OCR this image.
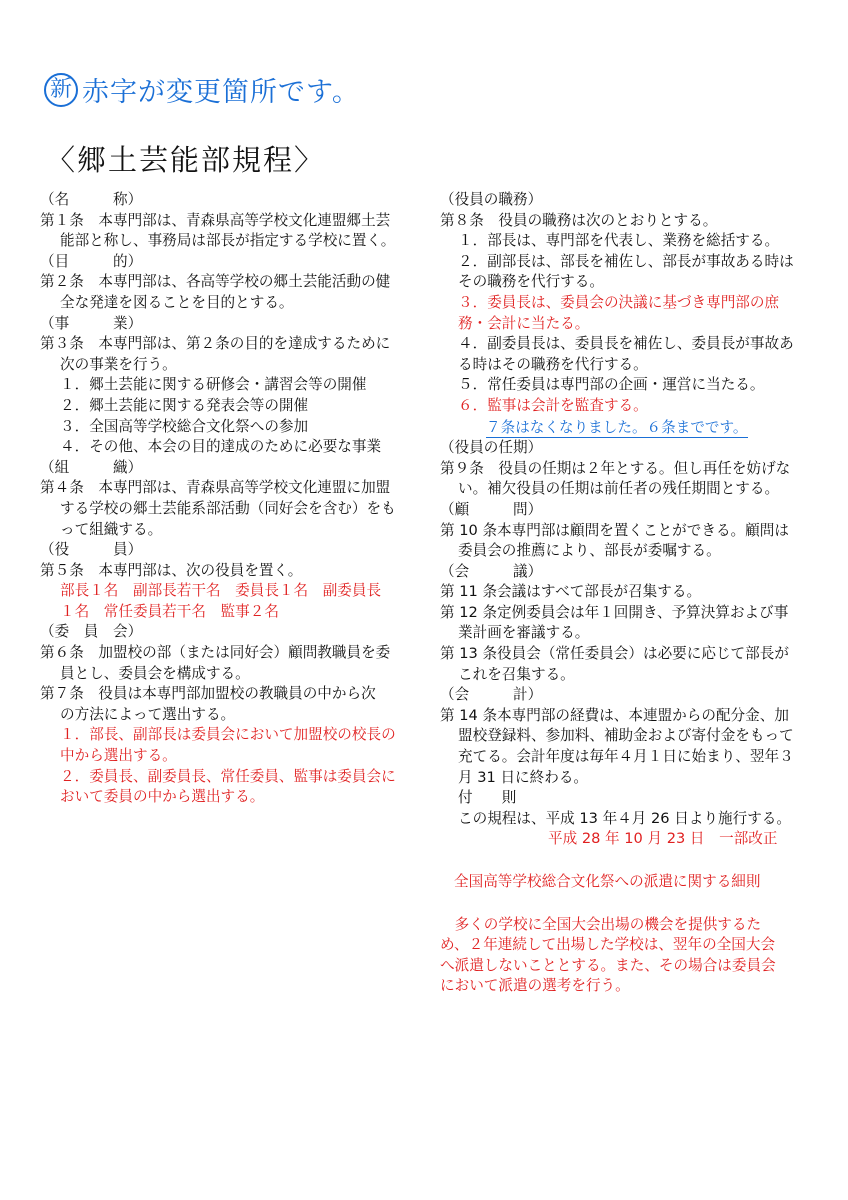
新 赤字が変更箇所です。
〈郷土芸能部規程〉
（名　　　称）
第１条　本専門部は、青森県高等学校文化連盟郷土芸
能部と称し、事務局は部長が指定する学校に置く。
（目　　　的）
第２条　本専門部は、各高等学校の郷土芸能活動の健
全な発達を図ることを目的とする。
（事　　　業）
第３条　本専門部は、第２条の目的を達成するために
次の事業を行う。
１．郷土芸能に関する研修会・講習会等の開催
２．郷土芸能に関する発表会等の開催
３．全国高等学校総合文化祭への参加
４．その他、本会の目的達成のために必要な事業
（組　　　織）
第４条　本専門部は、青森県高等学校文化連盟に加盟
する学校の郷土芸能系部活動（同好会を含む）をも
って組織する。
（役　　　員）
第５条　本専門部は、次の役員を置く。
部長１名　副部長若干名　委員長１名　副委員長
１名　常任委員若干名　監事２名
（委　員　会）
第６条　加盟校の部（または同好会）顧問教職員を委
員とし、委員会を構成する。
第７条　役員は本専門部加盟校の教職員の中から次
の方法によって選出する。
１．部長、副部長は委員会において加盟校の校長の
中から選出する。
２．委員長、副委員長、常任委員、監事は委員会に
おいて委員の中から選出する。
（役員の職務）
第８条　役員の職務は次のとおりとする。
１．部長は、専門部を代表し、業務を総括する。
２．副部長は、部長を補佐し、部長が事故ある時は
その職務を代行する。
３．委員長は、委員会の決議に基づき専門部の庶
務・会計に当たる。
４．副委員長は、委員長を補佐し、委員長が事故あ
る時はその職務を代行する。
５．常任委員は専門部の企画・運営に当たる。
６．監事は会計を監査する。
７条はなくなりました。６条までです。
（役員の任期）
第９条　役員の任期は２年とする。但し再任を妨げな
い。補欠役員の任期は前任者の残任期間とする。
（顧　　　問）
第 10 条本専門部は顧問を置くことができる。顧問は
委員会の推薦により、部長が委嘱する。
（会　　　議）
第 11 条会議はすべて部長が召集する。
第 12 条定例委員会は年１回開き、予算決算および事
業計画を審議する。
第 13 条役員会（常任委員会）は必要に応じて部長が
これを召集する。
（会　　　計）
第 14 条本専門部の経費は、本連盟からの配分金、加
盟校登録料、参加料、補助金および寄付金をもって
充てる。会計年度は毎年４月１日に始まり、翌年３
月 31 日に終わる。
付　　則
この規程は、平成 13 年４月 26 日より施行する。
平成 28 年 10 月 23 日　一部改正
全国高等学校総合文化祭への派遣に関する細則
　多くの学校に全国大会出場の機会を提供するた
め、２年連続して出場した学校は、翌年の全国大会
へ派遣しないこととする。また、その場合は委員会
において派遣の選考を行う。
